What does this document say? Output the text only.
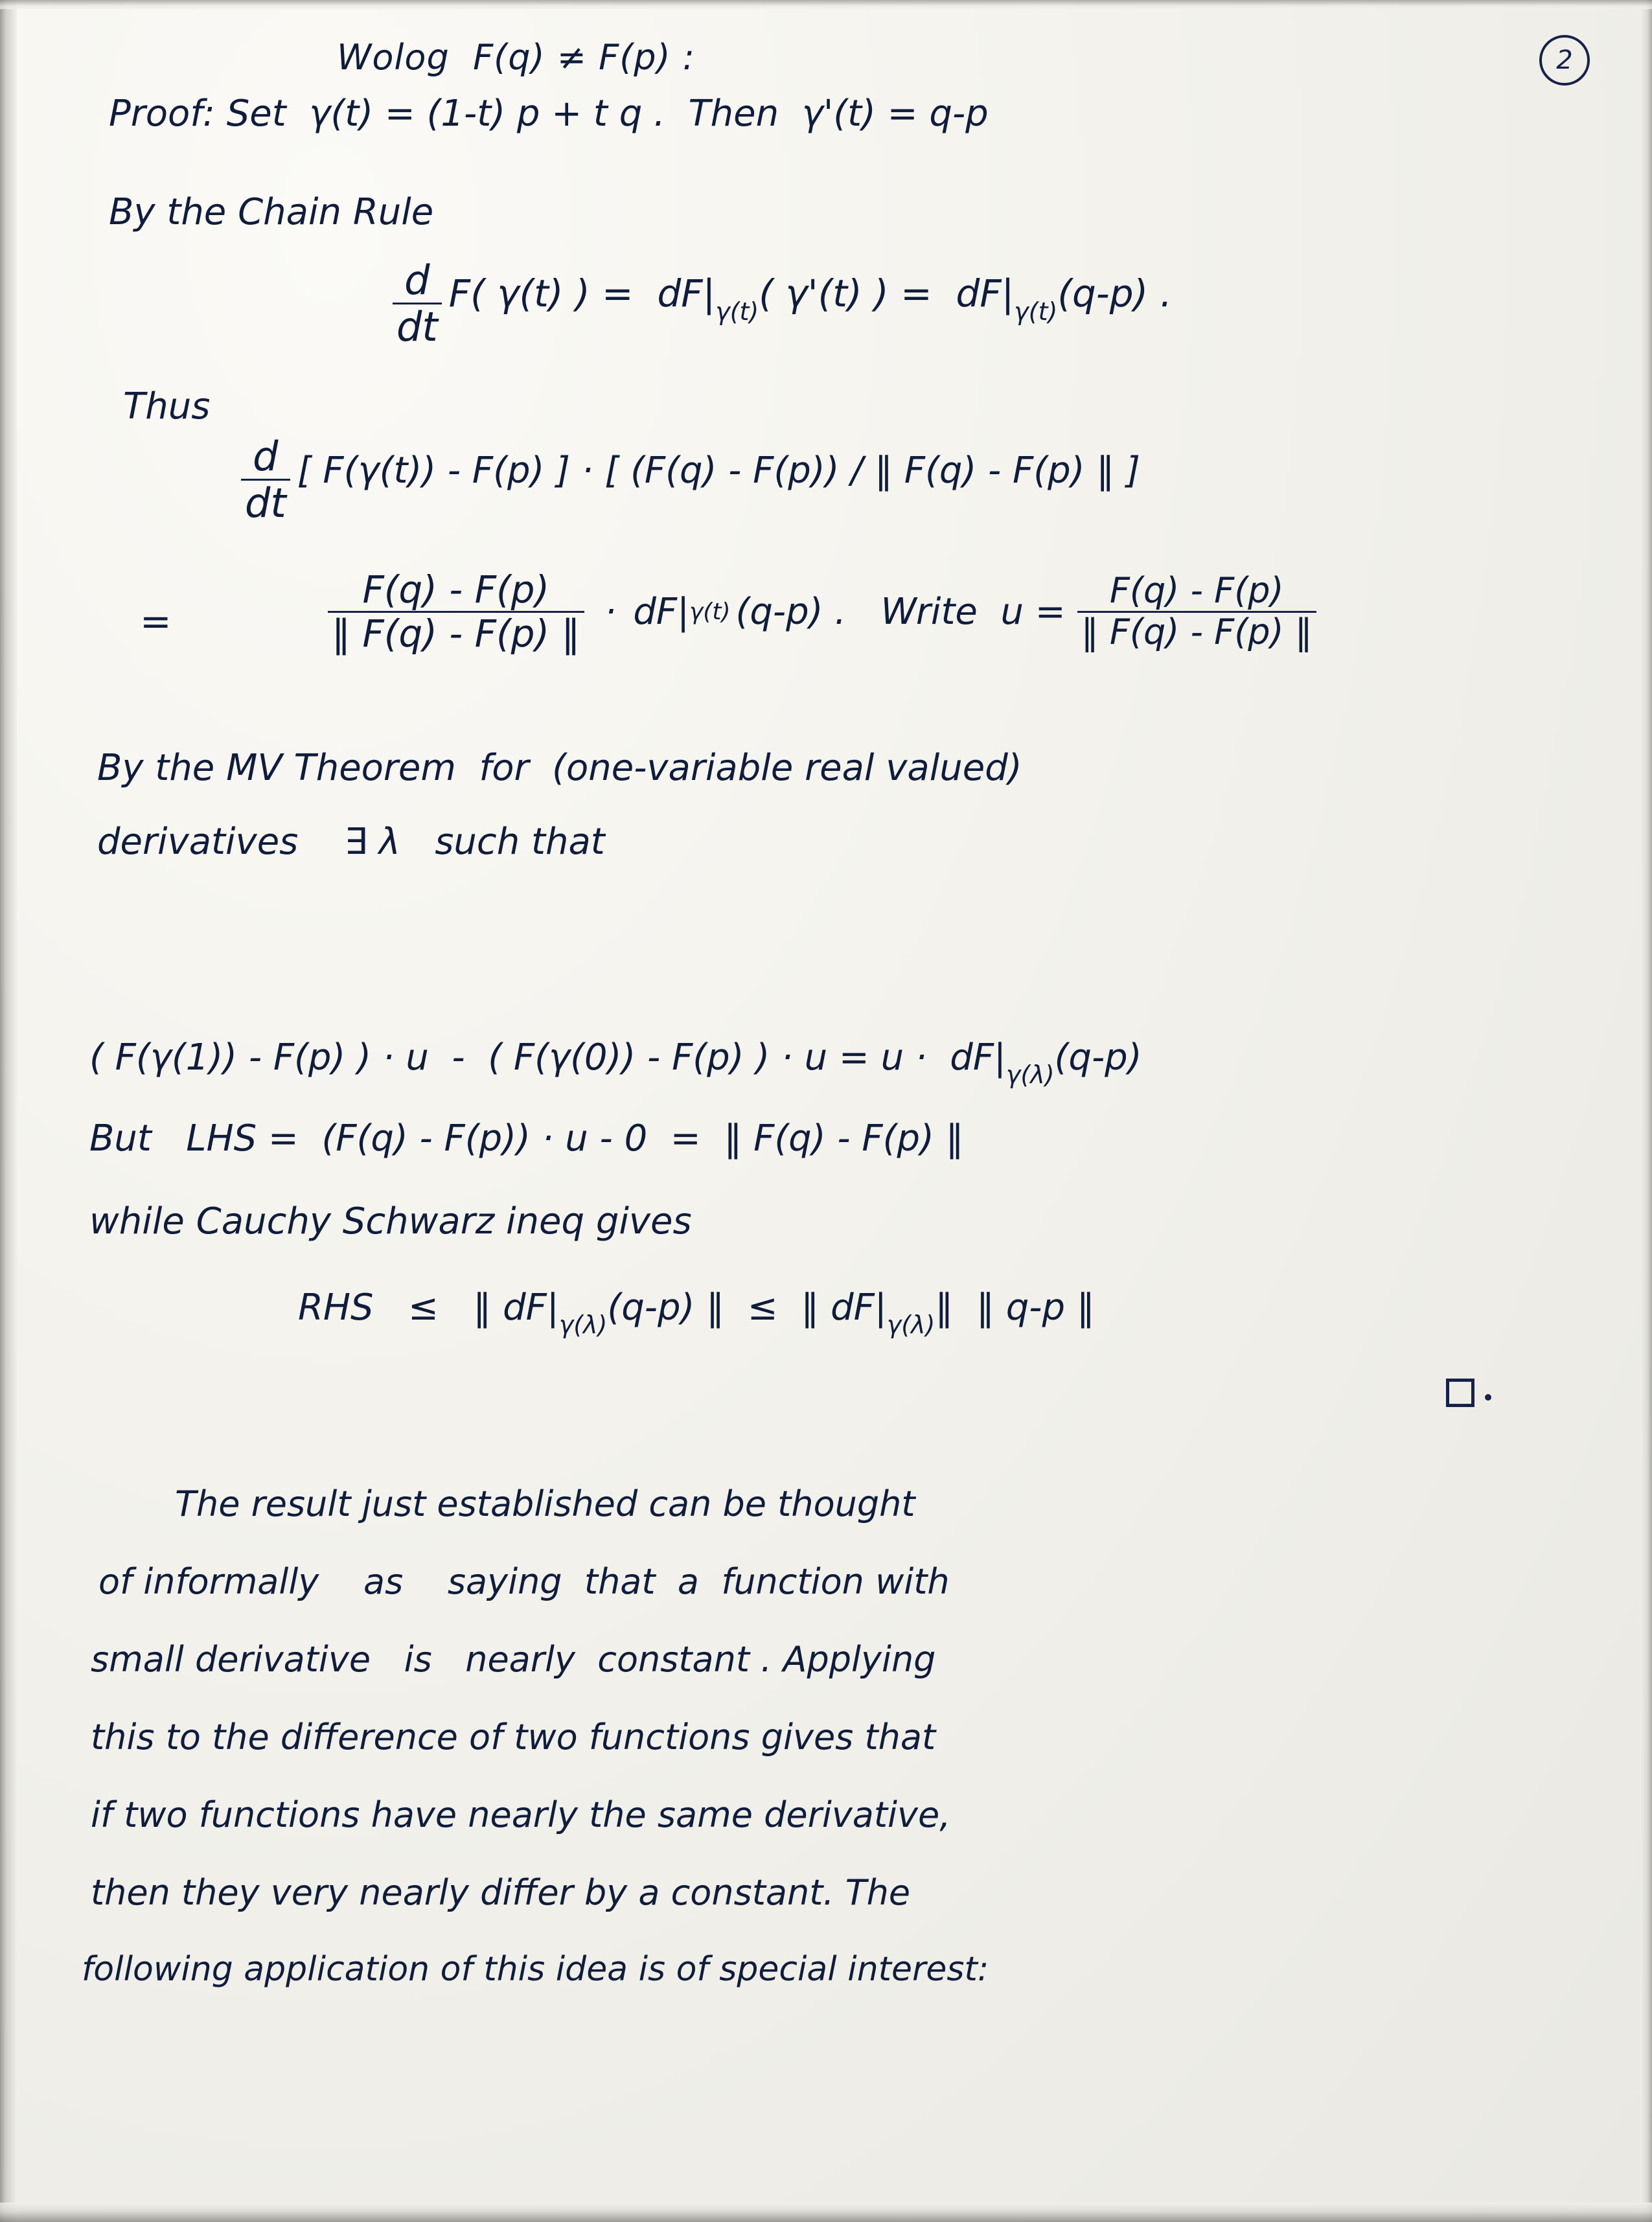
2
Wolog  F(q) ≠ F(p) :
Proof: Set  γ(t) = (1-t) p + t q .  Then  γ'(t) = q-p
By the Chain Rule
$\frac{d}{dt} F$( γ(t) ) =  dF|γ(t)( γ'(t) ) =  dF|γ(t)(q-p) .
Thus
$\frac{d}{dt}$ [ F(γ(t)) - F(p) ] · [ (F(q) - F(p)) / ‖ F(q) - F(p) ‖ ]
=	$\frac{F(q) - F(p)}{‖ F(q) - F(p) ‖} \cdot dF|$ γ(t) (q-p) .   Write  $u = \frac{F(q) - F(p)}{‖ F(q) - F(p) ‖}$
By the MV Theorem  for  (one-variable real valued)
derivatives    ∃ λ   such that
( F(γ(1)) - F(p) ) · u  -  ( F(γ(0)) - F(p) ) · u = u ·  dF|γ(λ)(q-p)
But   LHS =  (F(q) - F(p)) · u - 0  =  ‖ F(q) - F(p) ‖
while Cauchy Schwarz ineq gives
RHS   ≤   ‖ dF|γ(λ)(q-p) ‖  ≤  ‖ dF|γ(λ)‖  ‖ q-p ‖
The result just established can be thought
of informally    as    saying  that  a  function with
small derivative   is   nearly  constant . Applying
this to the difference of two functions gives that
if two functions have nearly the same derivative,
then they very nearly differ by a constant. The
following application of this idea is of special interest:
